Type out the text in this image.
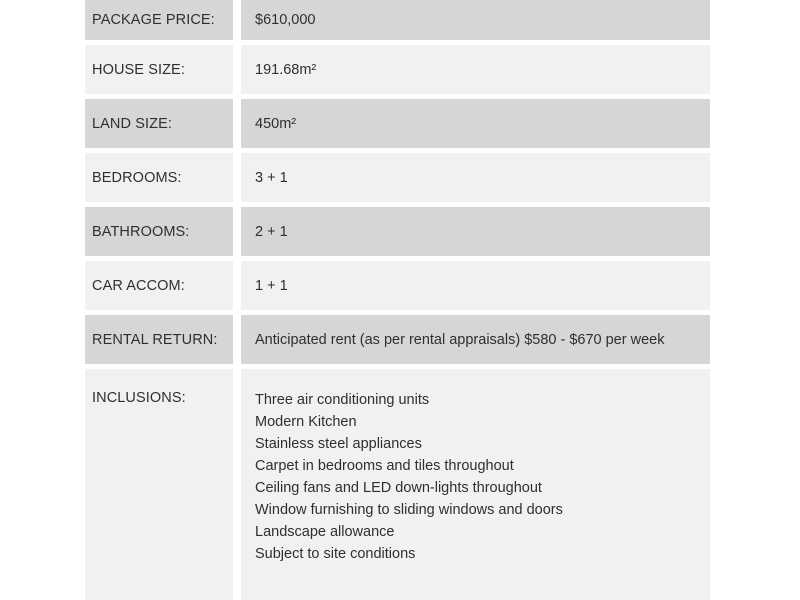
PACKAGE PRICE:	$610,000
HOUSE SIZE:	191.68m²
LAND SIZE:	450m²
BEDROOMS:	3 + 1
BATHROOMS:	2 + 1
CAR ACCOM:	1 + 1
RENTAL RETURN:	Anticipated rent (as per rental appraisals) $580 - $670 per week
INCLUSIONS:	Three air conditioning units
Modern Kitchen
Stainless steel appliances
Carpet in bedrooms and tiles throughout
Ceiling fans and LED down-lights throughout
Window furnishing to sliding windows and doors
Landscape allowance
Subject to site conditions
